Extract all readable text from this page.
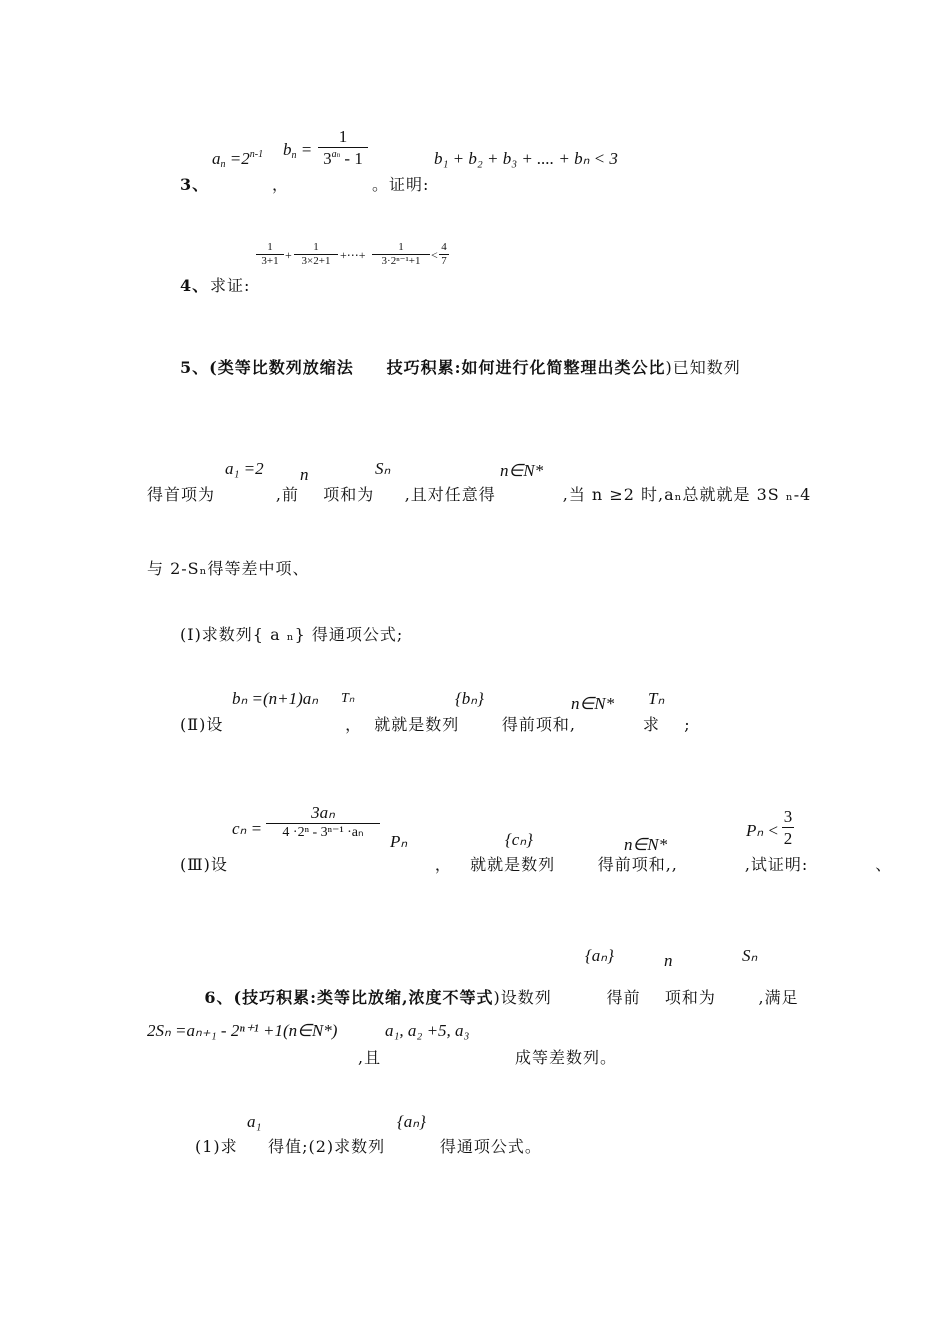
$a_n =2^{n-1}$ $b_n$ =
1
$3^{an} - 1$	b₁ + b₂ + b₃ + .... + bₙ < 3
3、	，	。证明:
1
3+1 +
1
3×2+1 +⋯+
1
3·2ⁿ⁻¹+1 <
4
7
4、 求证:
5、(类等比数列放缩法     技巧积累:如何进行化简整理出类公比)已知数列
a₁ =2 n	Sₙ	n∈N*
得首项为          ,前    项和为     ,且对任意得           ,当 n ≥2 时,aₙ总就就是 3S ₙ-4
与 2-Sₙ得等差中项、
(Ⅰ)求数列{ a ₙ} 得通项公式;
bₙ =(n+1)aₙ Tₙ	{bₙ}	n∈N* Tₙ
(Ⅱ)设                    ，  就就是数列       得前项和,           求    ;
cₙ =
3aₙ
4 ·2ⁿ - 3ⁿ⁻¹ ·aₙ	Pₙ	{cₙ}	n∈N*
Pₙ <
3
2
(Ⅲ)设                                  ，   就就是数列       得前项和,,           ,试证明:           、
{aₙ}	n	Sₙ

6、(技巧积累:类等比放缩,浓度不等式)设数列         得前    项和为       ,满足

2Sₙ =aₙ₊₁ - 2ⁿ⁺¹ +1(n∈N*)	a₁, a₂ +5, a₃
,且                      成等差数列。
a₁	{aₙ}
(1)求     得值;(2)求数列         得通项公式。
